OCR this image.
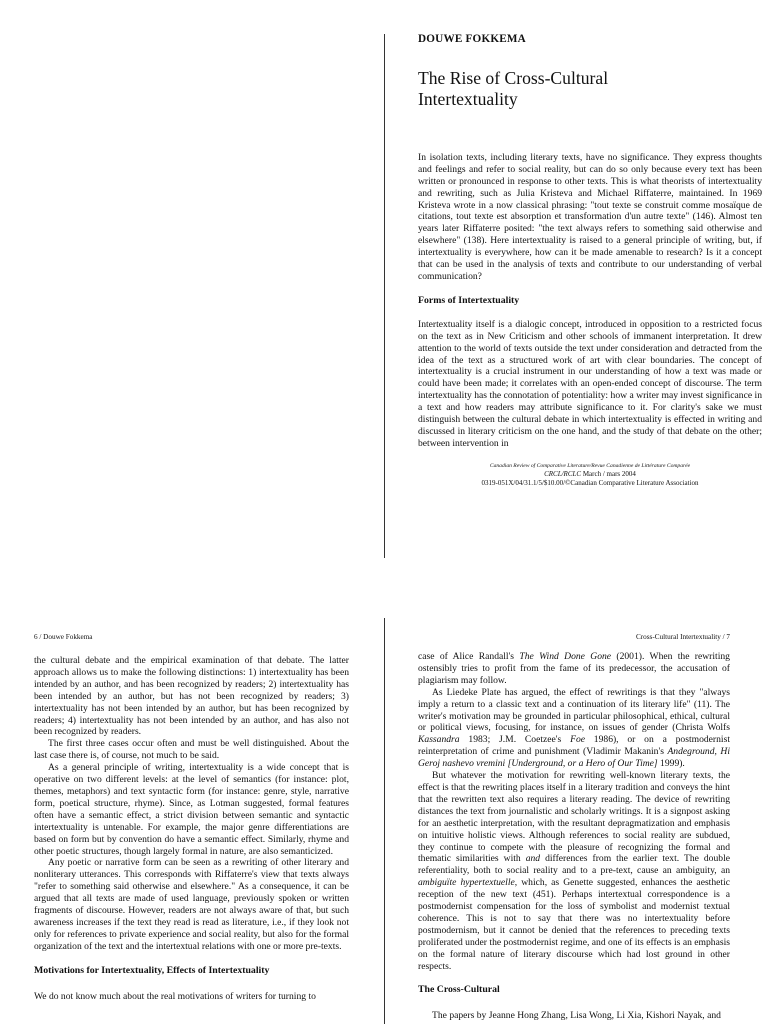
DOUWE FOKKEMA
The Rise of Cross-Cultural
Intertextuality

In isolation texts, including literary texts, have no significance. They express thoughts and feelings and refer to social reality, but can do so only because every text has been written or pronounced in response to other texts. This is what theorists of intertextuality and rewriting, such as Julia Kristeva and Michael Riffaterre, maintained. In 1969 Kristeva wrote in a now classical phrasing: "tout texte se construit comme mosaïque de citations, tout texte est absorption et transformation d'un autre texte" (146). Almost ten years later Riffaterre posited: "the text always refers to something said otherwise and elsewhere" (138). Here intertextuality is raised to a general principle of writing, but, if intertextuality is everywhere, how can it be made amenable to research? Is it a concept that can be used in the analysis of texts and contribute to our understanding of verbal communication?

Forms of Intertextuality

Intertextuality itself is a dialogic concept, introduced in opposition to a restricted focus on the text as in New Criticism and other schools of immanent interpretation. It drew attention to the world of texts outside the text under consideration and detracted from the idea of the text as a structured work of art with clear boundaries. The concept of intertextuality is a crucial instrument in our understanding of how a text was made or could have been made; it correlates with an open-ended concept of discourse. The term intertextuality has the connotation of potentiality: how a writer may invest significance in a text and how readers may attribute significance to it. For clarity's sake we must distinguish between the cultural debate in which intertextuality is effected in writing and discussed in literary criticism on the one hand, and the study of that debate on the other; between intervention in

Canadian Review of Comparative Literature/Revue Canadienne de Littérature Comparée
CRCL/RCLC March / mars 2004
0319-051X/04/31.1/5/$10.00/©Canadian Comparative Literature Association
6 / Douwe Fokkema

the cultural debate and the empirical examination of that debate. The latter approach allows us to make the following distinctions: 1) intertextuality has been intended by an author, and has been recognized by readers; 2) intertextuality has been intended by an author, but has not been recognized by readers; 3) intertextuality has not been intended by an author, but has been recognized by readers; 4) intertextuality has not been intended by an author, and has also not been recognized by readers.

The first three cases occur often and must be well distinguished. About the last case there is, of course, not much to be said.

As a general principle of writing, intertextuality is a wide concept that is operative on two different levels: at the level of semantics (for instance: plot, themes, metaphors) and text syntactic form (for instance: genre, style, narrative form, poetical structure, rhyme). Since, as Lotman suggested, formal features often have a semantic effect, a strict division between semantic and syntactic intertextuality is untenable. For example, the major genre differentiations are based on form but by convention do have a semantic effect. Similarly, rhyme and other poetic structures, though largely formal in nature, are also semanticized.

Any poetic or narrative form can be seen as a rewriting of other literary and nonliterary utterances. This corresponds with Riffaterre's view that texts always "refer to something said otherwise and elsewhere." As a consequence, it can be argued that all texts are made of used language, previously spoken or written fragments of discourse. However, readers are not always aware of that, but such awareness increases if the text they read is read as literature, i.e., if they look not only for references to private experience and social reality, but also for the formal organization of the text and the intertextual relations with one or more pre-texts.

Motivations for Intertextuality, Effects of Intertextuality

We do not know much about the real motivations of writers for turning to

Cross-Cultural Intertextuality / 7

case of Alice Randall's The Wind Done Gone (2001). When the rewriting ostensibly tries to profit from the fame of its predecessor, the accusation of plagiarism may follow.

As Liedeke Plate has argued, the effect of rewritings is that they "always imply a return to a classic text and a continuation of its literary life" (11). The writer's motivation may be grounded in particular philosophical, ethical, cultural or political views, focusing, for instance, on issues of gender (Christa Wolfs Kassandra 1983; J.M. Coetzee's Foe 1986), or on a postmodernist reinterpretation of crime and punishment (Vladimir Makanin's Andeground, Hi Geroj nashevo vremini [Underground, or a Hero of Our Time] 1999).

But whatever the motivation for rewriting well-known literary texts, the effect is that the rewriting places itself in a literary tradition and conveys the hint that the rewritten text also requires a literary reading. The device of rewriting distances the text from journalistic and scholarly writings. It is a signpost asking for an aesthetic interpretation, with the resultant depragmatization and emphasis on intuitive holistic views. Although references to social reality are subdued, they continue to compete with the pleasure of recognizing the formal and thematic similarities with and differences from the earlier text. The double referentiality, both to social reality and to a pre-text, cause an ambiguity, an ambiguïte hypertextuelle, which, as Genette suggested, enhances the aesthetic reception of the new text (451). Perhaps intertextual correspondence is a postmodernist compensation for the loss of symbolist and modernist textual coherence. This is not to say that there was no intertextuality before postmodernism, but it cannot be denied that the references to preceding texts proliferated under the postmodernist regime, and one of its effects is an emphasis on the formal nature of literary discourse which had lost ground in other respects.

The Cross-Cultural

The papers by Jeanne Hong Zhang, Lisa Wong, Li Xia, Kishori Nayak, and
